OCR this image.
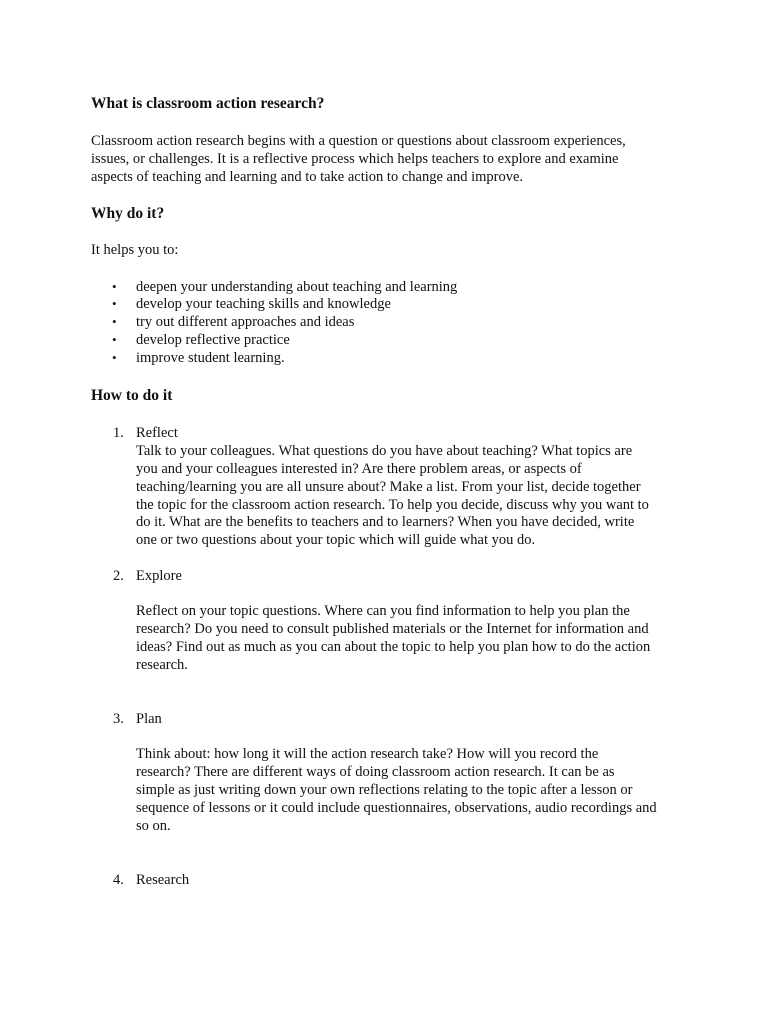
What is classroom action research?
Classroom action research begins with a question or questions about classroom experiences,
issues, or challenges. It is a reflective process which helps teachers to explore and examine
aspects of teaching and learning and to take action to change and improve.
Why do it?
It helps you to:
• deepen your understanding about teaching and learning
• develop your teaching skills and knowledge
• try out different approaches and ideas
• develop reflective practice
• improve student learning.
How to do it
1. Reflect
Talk to your colleagues. What questions do you have about teaching? What topics are
you and your colleagues interested in? Are there problem areas, or aspects of
teaching/learning you are all unsure about? Make a list. From your list, decide together
the topic for the classroom action research. To help you decide, discuss why you want to
do it. What are the benefits to teachers and to learners? When you have decided, write
one or two questions about your topic which will guide what you do.
2. Explore
Reflect on your topic questions. Where can you find information to help you plan the
research? Do you need to consult published materials or the Internet for information and
ideas? Find out as much as you can about the topic to help you plan how to do the action
research.
3. Plan
Think about: how long it will the action research take? How will you record the
research? There are different ways of doing classroom action research. It can be as
simple as just writing down your own reflections relating to the topic after a lesson or
sequence of lessons or it could include questionnaires, observations, audio recordings and
so on.
4. Research
